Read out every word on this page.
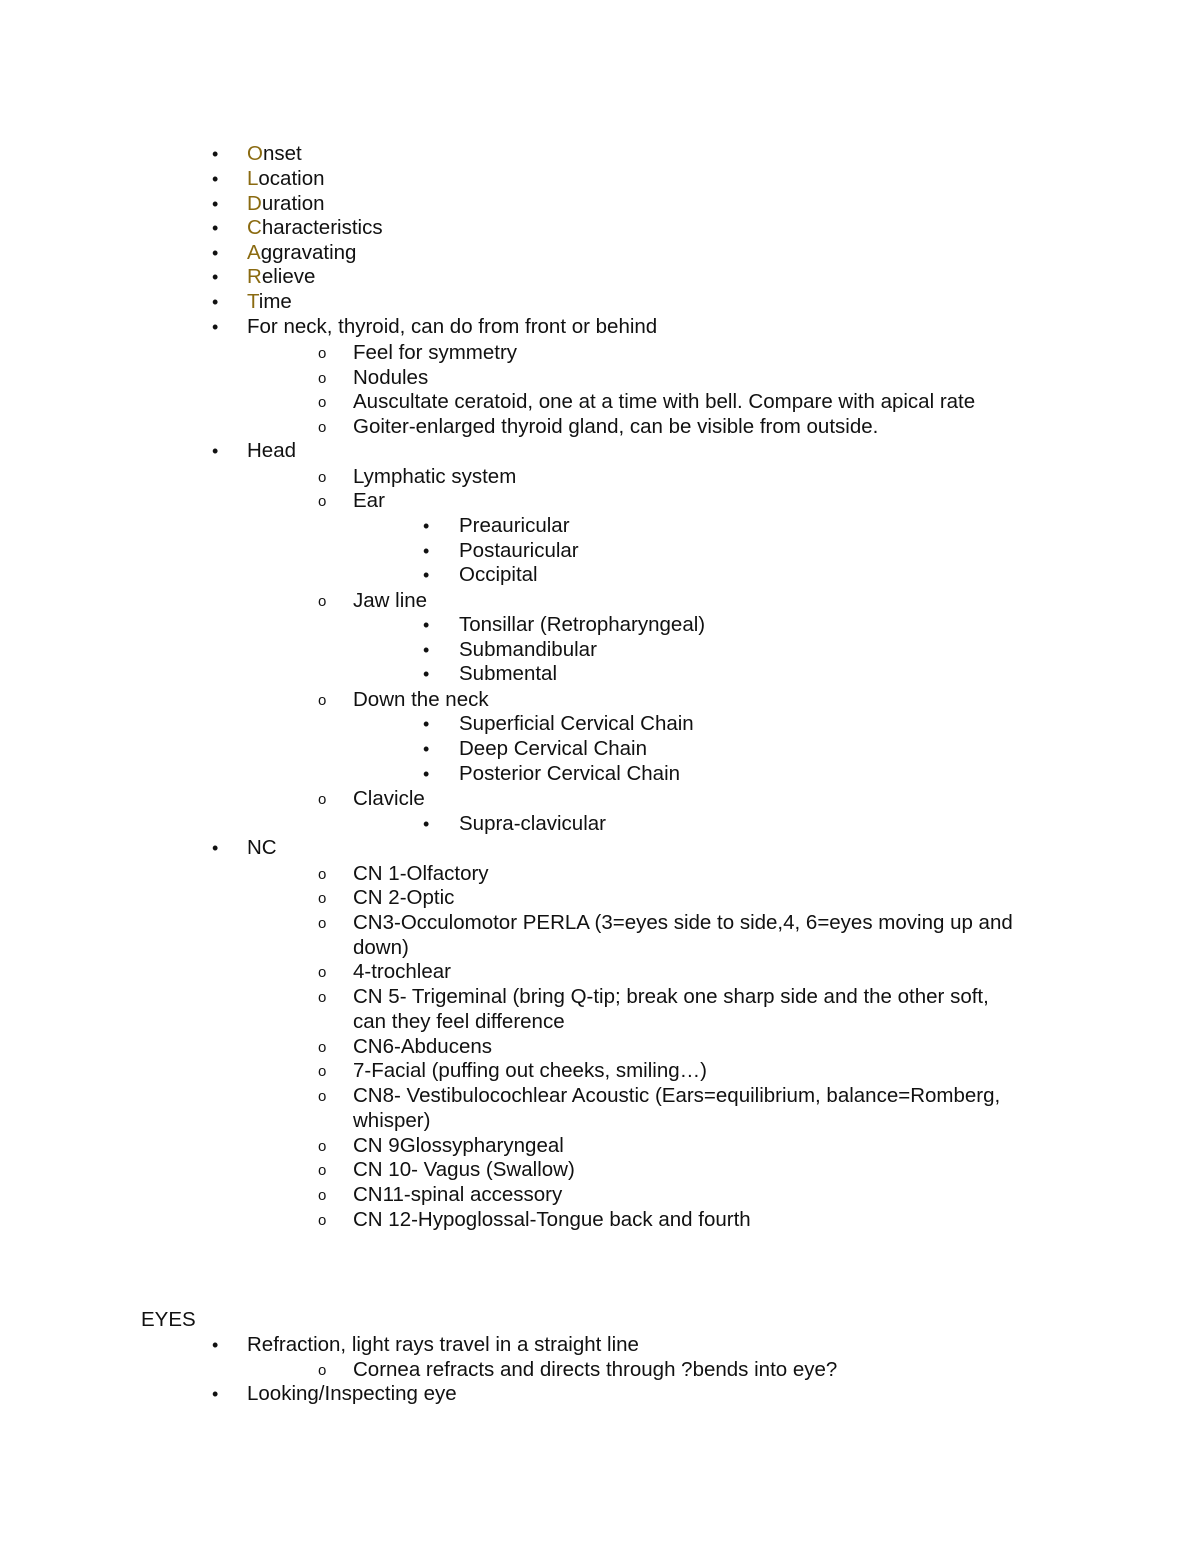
• Onset
• Location
• Duration
• Characteristics
• Aggravating
• Relieve
• Time
• For neck, thyroid, can do from front or behind
o Feel for symmetry
o Nodules
o Auscultate ceratoid, one at a time with bell. Compare with apical rate
o Goiter-enlarged thyroid gland, can be visible from outside.
• Head
o Lymphatic system
o Ear
• Preauricular
• Postauricular
• Occipital
o Jaw line
• Tonsillar (Retropharyngeal)
• Submandibular
• Submental
o Down the neck
• Superficial Cervical Chain
• Deep Cervical Chain
• Posterior Cervical Chain
o Clavicle
• Supra-clavicular
• NC
o CN 1-Olfactory
o CN 2-Optic
o CN3-Occulomotor PERLA (3=eyes side to side,4, 6=eyes moving up and
down)
o 4-trochlear
o CN 5- Trigeminal (bring Q-tip; break one sharp side and the other soft,
can they feel difference
o CN6-Abducens
o 7-Facial (puffing out cheeks, smiling…)
o CN8- Vestibulocochlear Acoustic (Ears=equilibrium, balance=Romberg,
whisper)
o CN 9Glossypharyngeal
o CN 10- Vagus (Swallow)
o CN11-spinal accessory
o CN 12-Hypoglossal-Tongue back and fourth
EYES
• Refraction, light rays travel in a straight line
o Cornea refracts and directs through ?bends into eye?
• Looking/Inspecting eye
